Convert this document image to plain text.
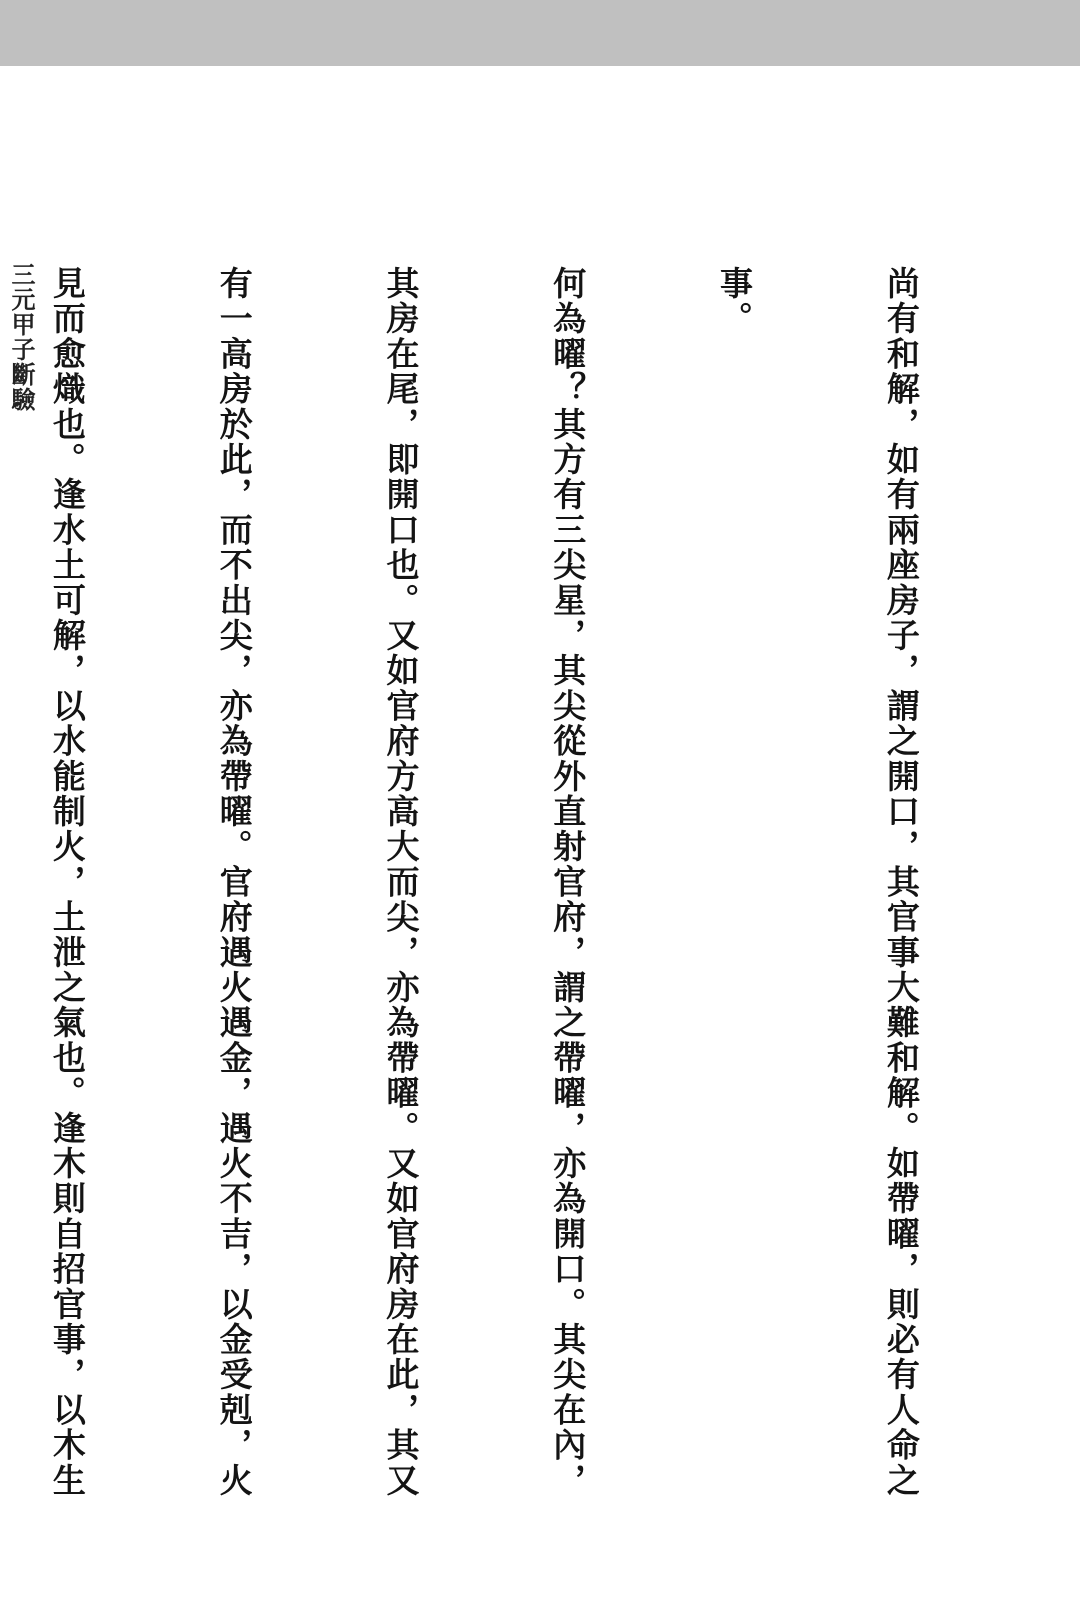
尚有和解，如有兩座房子，謂之開口，其官事大難和解。如帶曜，則必有人命之

事。

何為曜？其方有三尖星，其尖從外直射官府，謂之帶曜，亦為開口。其尖在內，

其房在尾，即開口也。又如官府方高大而尖，亦為帶曜。又如官府房在此，其又

有一高房於此，而不出尖，亦為帶曜。官府遇火遇金，遇火不吉，以金受剋，火

見而愈熾也。逢水土可解，以水能制火，土泄之氣也。逢木則自招官事，以木生

三元甲子斷驗
